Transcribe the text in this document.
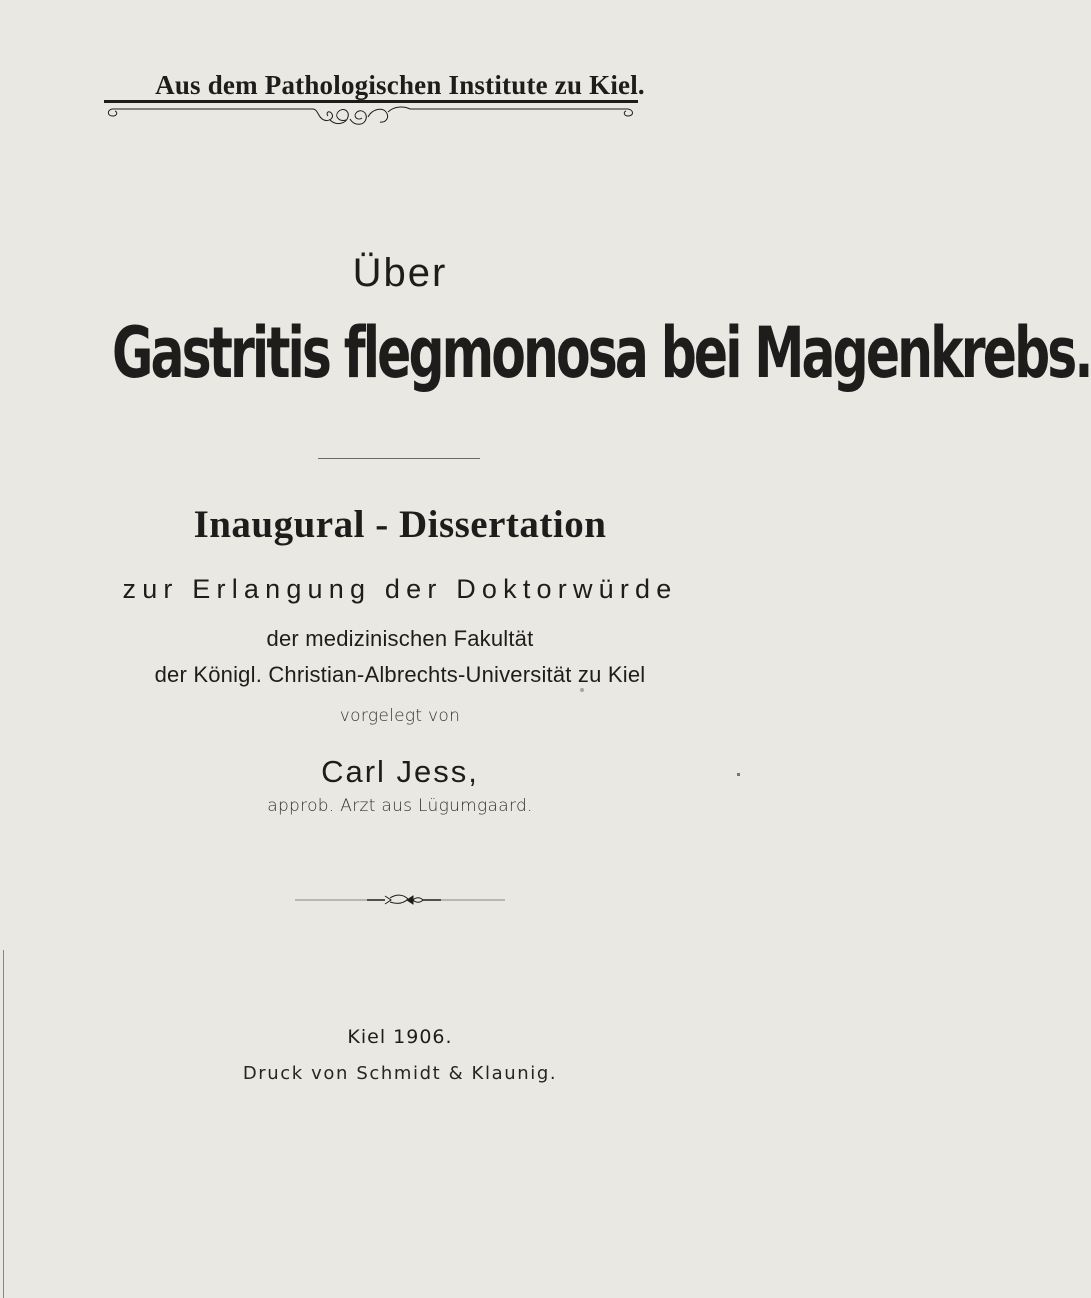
Aus dem Pathologischen Institute zu Kiel.
Über
Gastritis flegmonosa bei Magenkrebs.
Inaugural - Dissertation
zur Erlangung der Doktorwürde
der medizinischen Fakultät
der Königl. Christian-Albrechts-Universität zu Kiel
vorgelegt von
Carl Jess,
approb. Arzt aus Lügumgaard.
Kiel 1906.
Druck von Schmidt & Klaunig.
